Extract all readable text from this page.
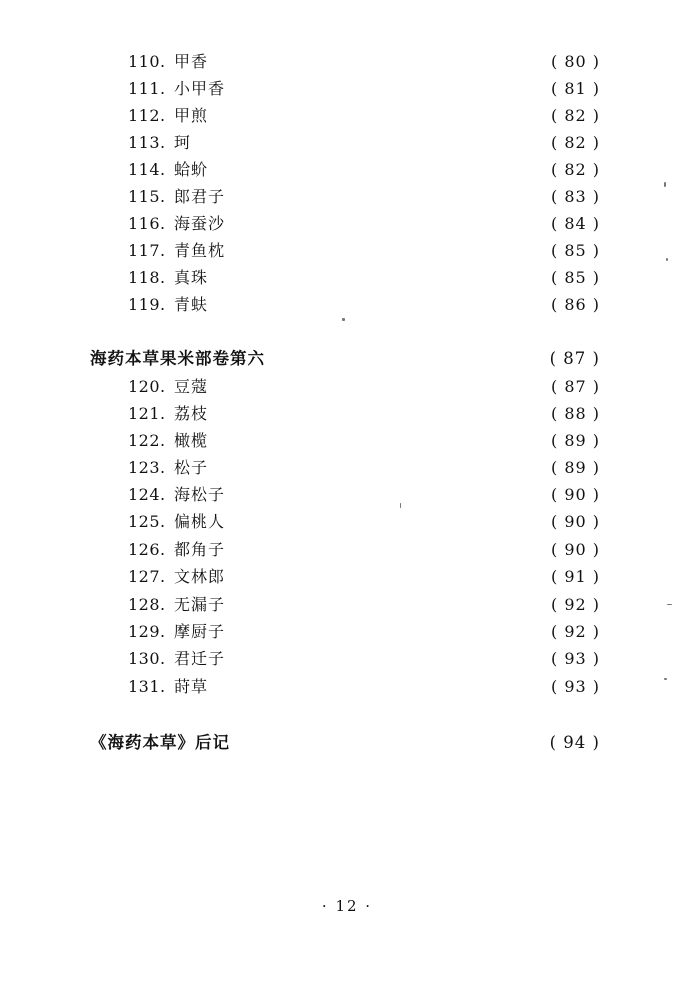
110. 甲香	( 80 )
111. 小甲香	( 81 )
112. 甲煎	( 82 )
113. 珂	( 82 )
114. 蛤蚧	( 82 )
115. 郎君子	( 83 )
116. 海蚕沙	( 84 )
117. 青鱼枕	( 85 )
118. 真珠	( 85 )
119. 青蚨	( 86 )
海药本草果米部卷第六	( 87 )
120. 豆蔻	( 87 )
121. 荔枝	( 88 )
122. 橄榄	( 89 )
123. 松子	( 89 )
124. 海松子	( 90 )
125. 偏桃人	( 90 )
126. 都角子	( 90 )
127. 文林郎	( 91 )
128. 无漏子	( 92 )
129. 摩厨子	( 92 )
130. 君迁子	( 93 )
131. 莳草	( 93 )
《海药本草》后记	( 94 )
· 12 ·
